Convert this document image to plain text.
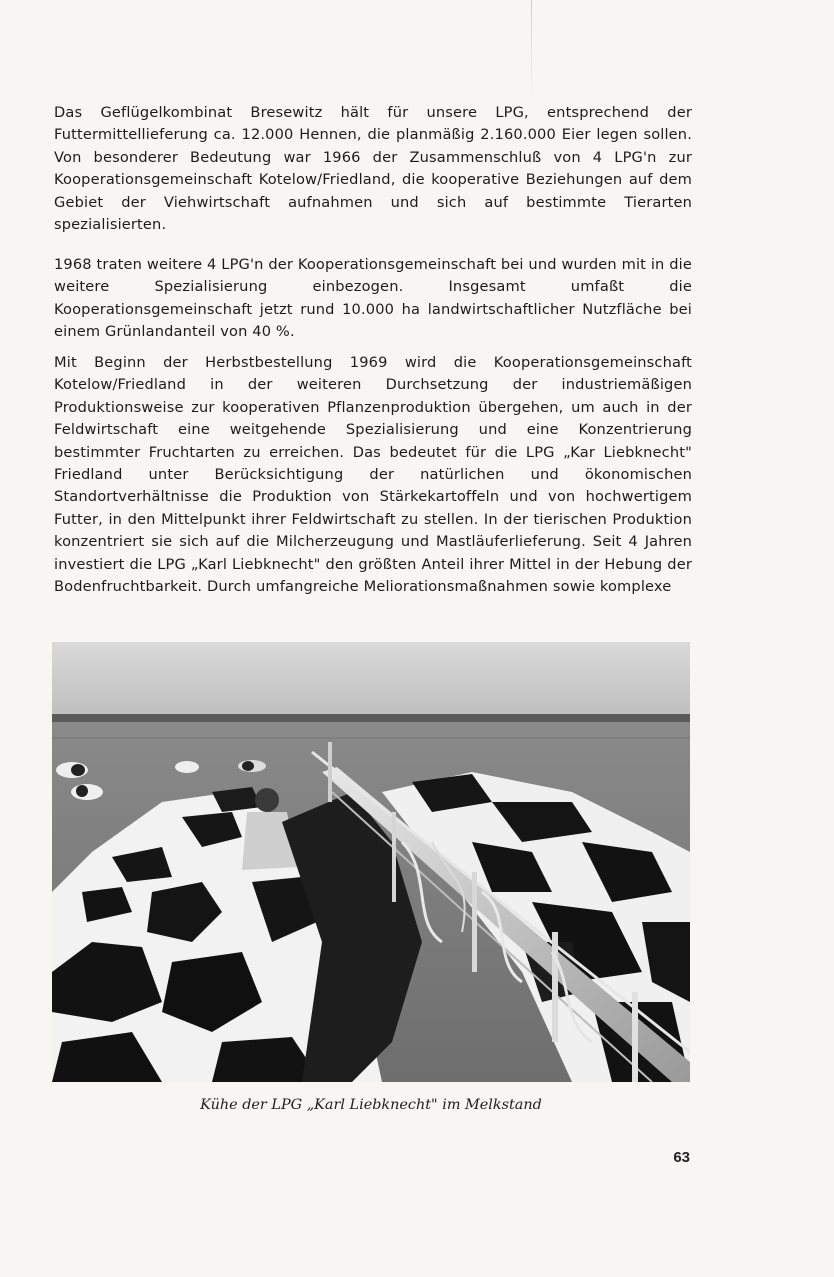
Das Geflügelkombinat Bresewitz hält für unsere LPG, entsprechend der Futtermittellieferung ca. 12.000 Hennen, die planmäßig 2.160.000 Eier legen sollen. Von besonderer Bedeutung war 1966 der Zusammenschluß von 4 LPG'n zur Kooperationsgemeinschaft Kotelow/Friedland, die kooperative Beziehungen auf dem Gebiet der Viehwirtschaft aufnahmen und sich auf bestimmte Tierarten spezialisierten.

1968 traten weitere 4 LPG'n der Kooperationsgemeinschaft bei und wurden mit in die weitere Spezialisierung einbezogen. Insgesamt umfaßt die Kooperationsgemeinschaft jetzt rund 10.000 ha landwirtschaftlicher Nutzfläche bei einem Grünlandanteil von 40 %.

Mit Beginn der Herbstbestellung 1969 wird die Kooperationsgemeinschaft Kotelow/Friedland in der weiteren Durchsetzung der industriemäßigen Produktionsweise zur kooperativen Pflanzenproduktion übergehen, um auch in der Feldwirtschaft eine weitgehende Spezialisierung und eine Konzentrierung bestimmter Fruchtarten zu erreichen. Das bedeutet für die LPG „Kar Liebknecht" Friedland unter Berücksichtigung der natürlichen und ökonomischen Standortverhältnisse die Produktion von Stärkekartoffeln und von hochwertigem Futter, in den Mittelpunkt ihrer Feldwirtschaft zu stellen. In der tierischen Produktion konzentriert sie sich auf die Milcherzeugung und Mastläuferlieferung. Seit 4 Jahren investiert die LPG „Karl Liebknecht" den größten Anteil ihrer Mittel in der Hebung der Bodenfruchtbarkeit. Durch umfangreiche Meliorationsmaßnahmen sowie komplexe

Kühe der LPG „Karl Liebknecht" im Melkstand
63
